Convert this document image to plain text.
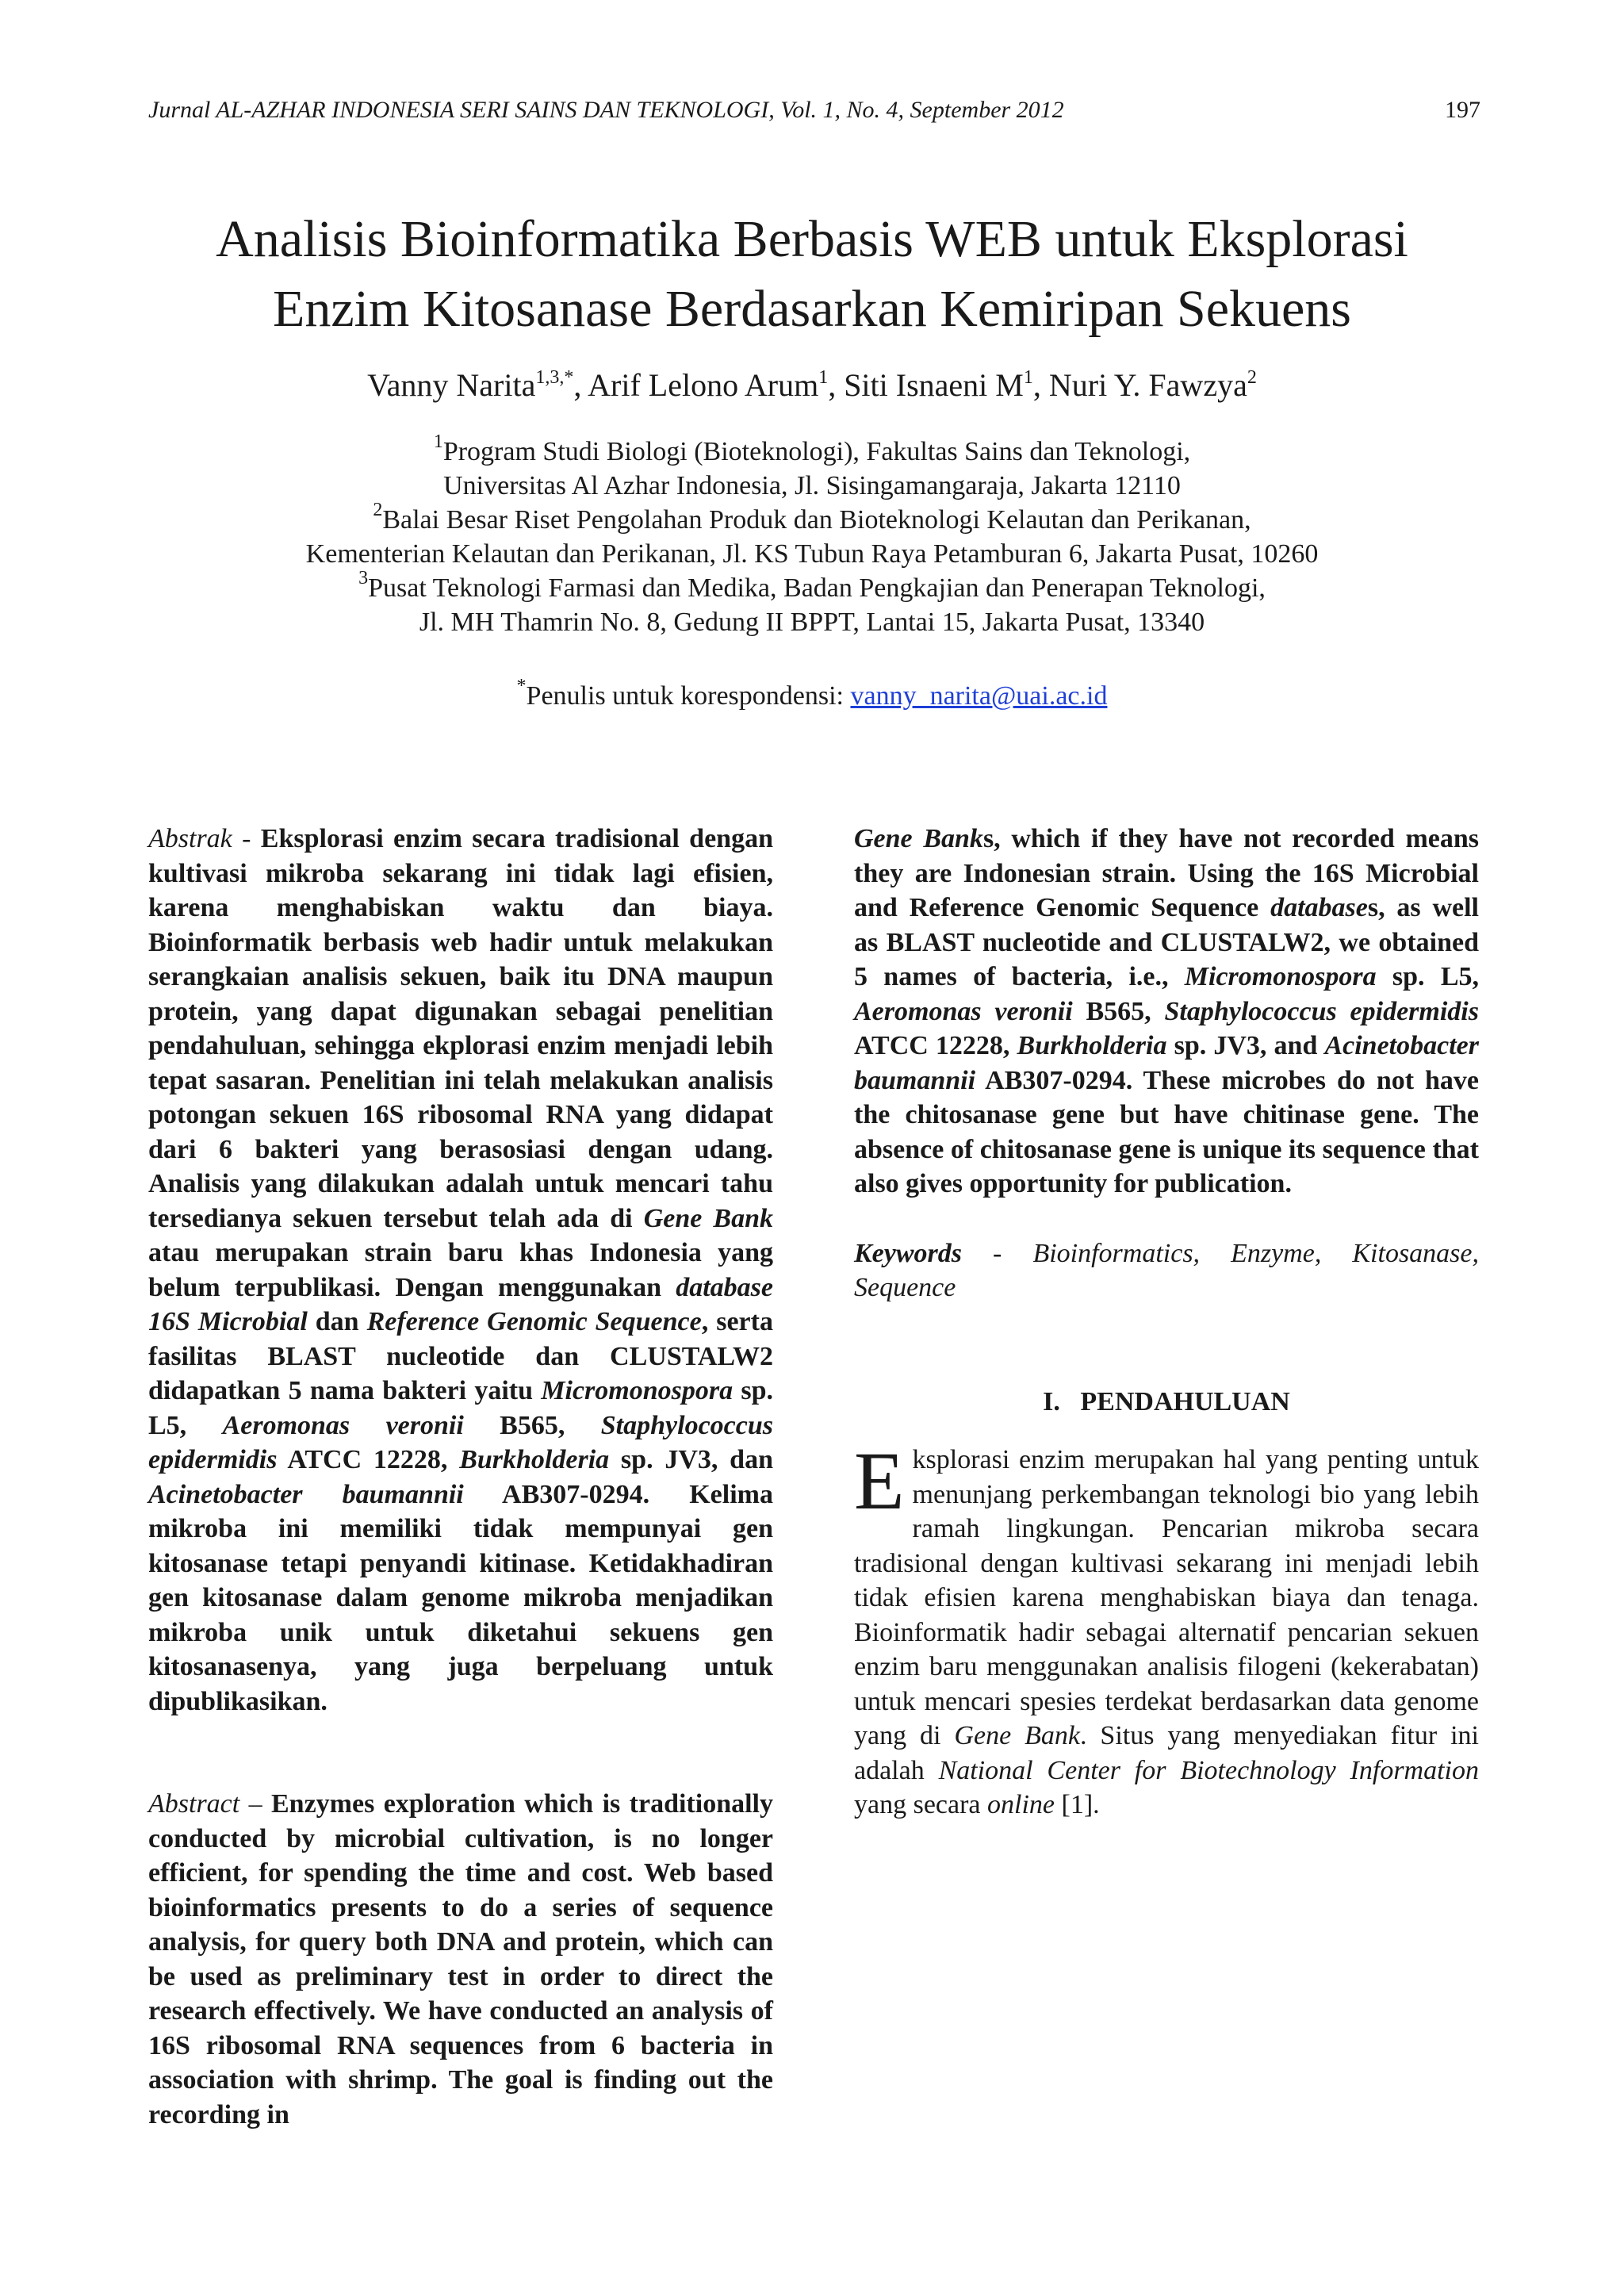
Jurnal AL-AZHAR INDONESIA SERI SAINS DAN TEKNOLOGI, Vol. 1, No. 4, September 2012	197
Analisis Bioinformatika Berbasis WEB untuk Eksplorasi
Enzim Kitosanase Berdasarkan Kemiripan Sekuens
Vanny Narita$^{1,3,*}$, Arif Lelono Arum$^1$, Siti Isnaeni $M^1$, Nuri Y. Fawzya$^2$
$^1$Program Studi Biologi (Bioteknologi), Fakultas Sains dan Teknologi,
Universitas Al Azhar Indonesia, Jl. Sisingamangaraja, Jakarta 12110
$^2$Balai Besar Riset Pengolahan Produk dan Bioteknologi Kelautan dan Perikanan,
Kementerian Kelautan dan Perikanan, Jl. KS Tubun Raya Petamburan 6, Jakarta Pusat, 10260
$^3$Pusat Teknologi Farmasi dan Medika, Badan Pengkajian dan Penerapan Teknologi,
Jl. MH Thamrin No. 8, Gedung II BPPT, Lantai 15, Jakarta Pusat, 13340
*Penulis untuk korespondensi: vanny_narita@uai.ac.id

Abstrak - Eksplorasi enzim secara tradisional dengan kultivasi mikroba sekarang ini tidak lagi efisien, karena menghabiskan waktu dan biaya. Bioinformatik berbasis web hadir untuk melakukan serangkaian analisis sekuen, baik itu DNA maupun protein, yang dapat digunakan sebagai penelitian pendahuluan, sehingga ekplorasi enzim menjadi lebih tepat sasaran. Penelitian ini telah melakukan analisis potongan sekuen 16S ribosomal RNA yang didapat dari 6 bakteri yang berasosiasi dengan udang. Analisis yang dilakukan adalah untuk mencari tahu tersedianya sekuen tersebut telah ada di Gene Bank atau merupakan strain baru khas Indonesia yang belum terpublikasi. Dengan menggunakan database 16S Microbial dan Reference Genomic Sequence, serta fasilitas BLAST nucleotide dan CLUSTALW2 didapatkan 5 nama bakteri yaitu Micromonospora sp. L5, Aeromonas veronii B565, Staphylococcus epidermidis ATCC 12228, Burkholderia sp. JV3, dan Acinetobacter baumannii AB307-0294. Kelima mikroba ini memiliki tidak mempunyai gen kitosanase tetapi penyandi kitinase. Ketidakhadiran gen kitosanase dalam genome mikroba menjadikan mikroba unik untuk diketahui sekuens gen kitosanasenya, yang juga berpeluang untuk dipublikasikan.

Abstract – Enzymes exploration which is traditionally conducted by microbial cultivation, is no longer efficient, for spending the time and cost. Web based bioinformatics presents to do a series of sequence analysis, for query both DNA and protein, which can be used as preliminary test in order to direct the research effectively. We have conducted an analysis of 16S ribosomal RNA sequences from 6 bacteria in association with shrimp. The goal is finding out the recording in

Gene Banks, which if they have not recorded means they are Indonesian strain. Using the 16S Microbial and Reference Genomic Sequence databases, as well as BLAST nucleotide and CLUSTALW2, we obtained 5 names of bacteria, i.e., Micromonospora sp. L5, Aeromonas veronii B565, Staphylococcus epidermidis ATCC 12228, Burkholderia sp. JV3, and Acinetobacter baumannii AB307-0294. These microbes do not have the chitosanase gene but have chitinase gene. The absence of chitosanase gene is unique its sequence that also gives opportunity for publication.

Keywords - Bioinformatics, Enzyme, Kitosanase, Sequence

I.   PENDAHULUAN

Eksplorasi enzim merupakan hal yang penting untuk menunjang perkembangan teknologi bio yang lebih ramah lingkungan. Pencarian mikroba secara tradisional dengan kultivasi sekarang ini menjadi lebih tidak efisien karena menghabiskan biaya dan tenaga. Bioinformatik hadir sebagai alternatif pencarian sekuen enzim baru menggunakan analisis filogeni (kekerabatan) untuk mencari spesies terdekat berdasarkan data genome yang di Gene Bank. Situs yang menyediakan fitur ini adalah National Center for Biotechnology Information yang secara online [1].
